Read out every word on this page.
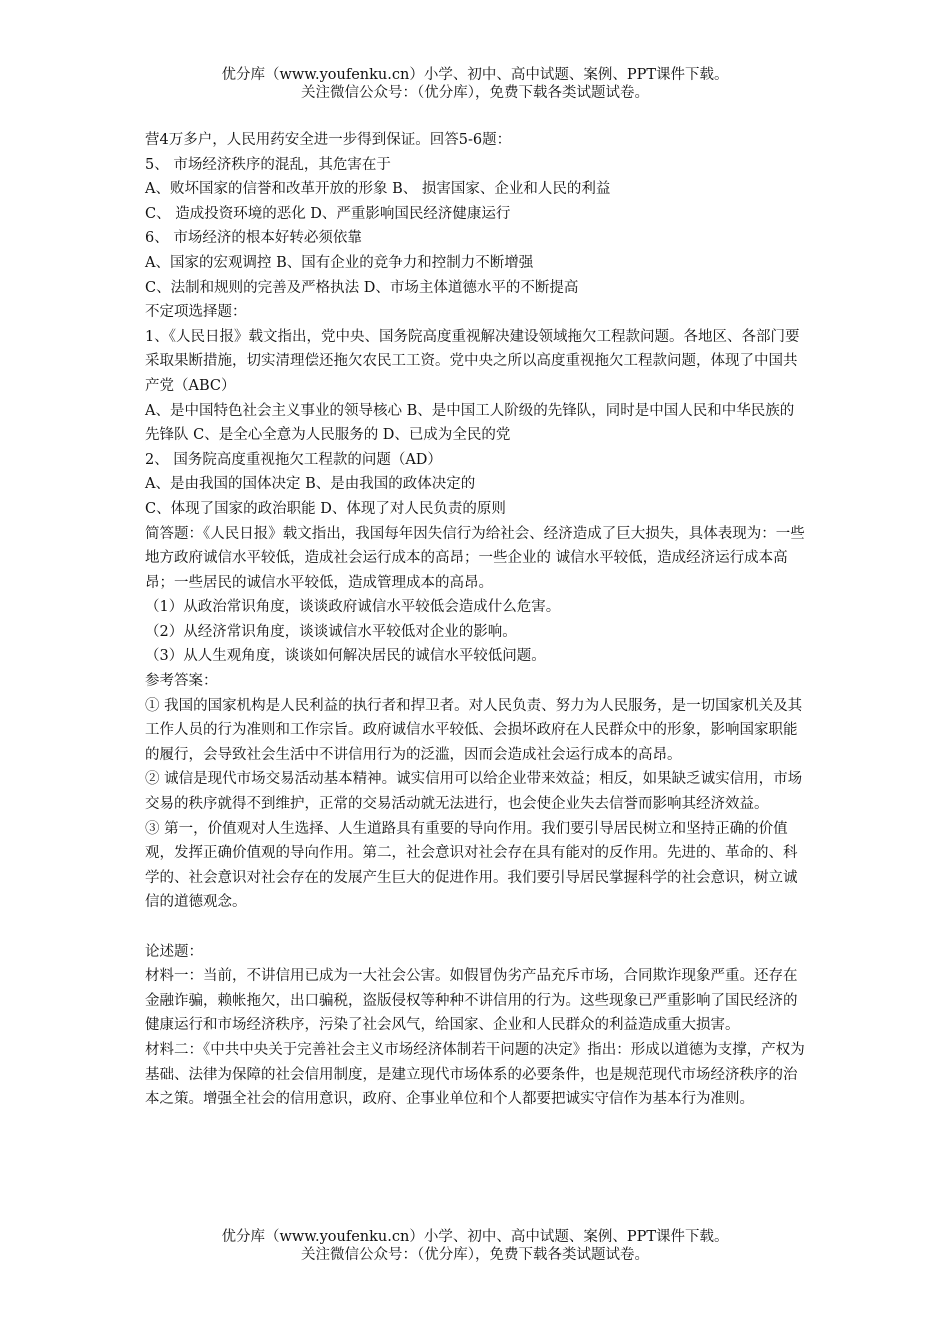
优分库（www.youfenku.cn）小学、初中、高中试题、案例、PPT课件下载。
关注微信公众号：（优分库），免费下载各类试题试卷。

营4万多户，人民用药安全进一步得到保证。回答5-6题：

5、 市场经济秩序的混乱，其危害在于

A、败坏国家的信誉和改革开放的形象 B、 损害国家、企业和人民的利益

C、 造成投资环境的恶化 D、严重影响国民经济健康运行

6、 市场经济的根本好转必须依靠

A、国家的宏观调控 B、国有企业的竞争力和控制力不断增强

C、法制和规则的完善及严格执法 D、市场主体道德水平的不断提高

不定项选择题：

1、《人民日报》载文指出，党中央、国务院高度重视解决建设领域拖欠工程款问题。各地区、各部门要采取果断措施，切实清理偿还拖欠农民工工资。党中央之所以高度重视拖欠工程款问题，体现了中国共产党（ABC）

A、是中国特色社会主义事业的领导核心 B、是中国工人阶级的先锋队，同时是中国人民和中华民族的先锋队 C、是全心全意为人民服务的 D、已成为全民的党

2、 国务院高度重视拖欠工程款的问题（AD）

A、是由我国的国体决定 B、是由我国的政体决定的

C、体现了国家的政治职能 D、体现了对人民负责的原则

简答题：《人民日报》载文指出，我国每年因失信行为给社会、经济造成了巨大损失，具体表现为：一些地方政府诚信水平较低，造成社会运行成本的高昂；一些企业的 诚信水平较低，造成经济运行成本高昂；一些居民的诚信水平较低，造成管理成本的高昂。

（1）从政治常识角度，谈谈政府诚信水平较低会造成什么危害。

（2）从经济常识角度，谈谈诚信水平较低对企业的影响。

（3）从人生观角度，谈谈如何解决居民的诚信水平较低问题。

参考答案：

① 我国的国家机构是人民利益的执行者和捍卫者。对人民负责、努力为人民服务，是一切国家机关及其工作人员的行为准则和工作宗旨。政府诚信水平较低、会损坏政府在人民群众中的形象，影响国家职能的履行，会导致社会生活中不讲信用行为的泛滥，因而会造成社会运行成本的高昂。

② 诚信是现代市场交易活动基本精神。诚实信用可以给企业带来效益；相反，如果缺乏诚实信用，市场交易的秩序就得不到维护，正常的交易活动就无法进行，也会使企业失去信誉而影响其经济效益。

③ 第一，价值观对人生选择、人生道路具有重要的导向作用。我们要引导居民树立和坚持正确的价值观，发挥正确价值观的导向作用。第二，社会意识对社会存在具有能对的反作用。先进的、革命的、科学的、社会意识对社会存在的发展产生巨大的促进作用。我们要引导居民掌握科学的社会意识，树立诚信的道德观念。

论述题：

材料一：当前，不讲信用已成为一大社会公害。如假冒伪劣产品充斥市场，合同欺诈现象严重。还存在金融诈骗，赖帐拖欠，出口骗税，盗版侵权等种种不讲信用的行为。这些现象已严重影响了国民经济的健康运行和市场经济秩序，污染了社会风气，给国家、企业和人民群众的利益造成重大损害。

材料二：《中共中央关于完善社会主义市场经济体制若干问题的决定》指出：形成以道德为支撑，产权为基础、法律为保障的社会信用制度，是建立现代市场体系的必要条件，也是规范现代市场经济秩序的治本之策。增强全社会的信用意识，政府、企事业单位和个人都要把诚实守信作为基本行为准则。

优分库（www.youfenku.cn）小学、初中、高中试题、案例、PPT课件下载。
关注微信公众号：（优分库），免费下载各类试题试卷。
